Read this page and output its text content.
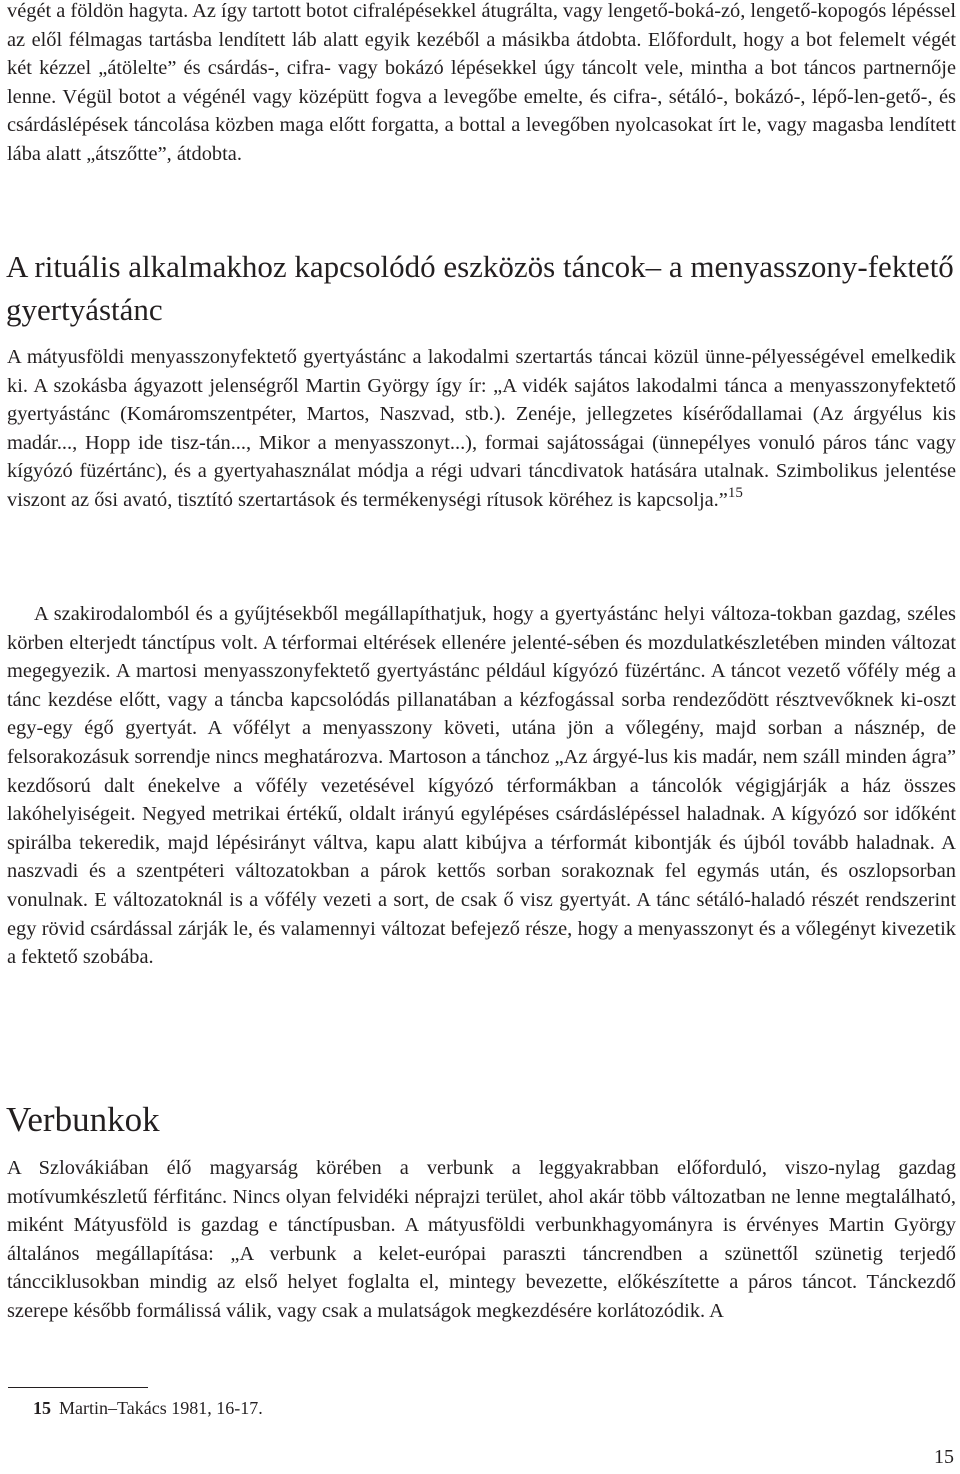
végét a földön hagyta. Az így tartott botot cifralépésekkel átugrálta, vagy lengető-boká-zó, lengető-kopogós lépéssel az elől félmagas tartásba lendített láb alatt egyik kezéből a másikba átdobta. Előfordult, hogy a bot felemelt végét két kézzel „átölelte” és csárdás-, cifra- vagy bokázó lépésekkel úgy táncolt vele, mintha a bot táncos partnernője lenne. Végül botot a végénél vagy középütt fogva a levegőbe emelte, és cifra-, sétáló-, bokázó-, lépő-len-gető-, és csárdáslépések táncolása közben maga előtt forgatta, a bottal a levegőben nyolcasokat írt le, vagy magasba lendített lába alatt „átszőtte”, átdobta.

A rituális alkalmakhoz kapcsolódó eszközös táncok– a menyasszony-fektető gyertyástánc

A mátyusföldi menyasszonyfektető gyertyástánc a lakodalmi szertartás táncai közül ünne-pélyességével emelkedik ki. A szokásba ágyazott jelenségről Martin György így ír: „A vidék sajátos lakodalmi tánca a menyasszonyfektető gyertyástánc (Komáromszentpéter, Martos, Naszvad, stb.). Zenéje, jellegzetes kísérődallamai (Az árgyélus kis madár..., Hopp ide tisz-tán..., Mikor a menyasszonyt...), formai sajátosságai (ünnepélyes vonuló páros tánc vagy kígyózó füzértánc), és a gyertyahasználat módja a régi udvari táncdivatok hatására utalnak. Szimbolikus jelentése viszont az ősi avató, tisztító szertartások és termékenységi rítusok köréhez is kapcsolja.”$^{15}$

A szakirodalomból és a gyűjtésekből megállapíthatjuk, hogy a gyertyástánc helyi változa-tokban gazdag, széles körben elterjedt tánctípus volt. A térformai eltérések ellenére jelenté-sében és mozdulatkészletében minden változat megegyezik. A martosi menyasszonyfektető gyertyástánc például kígyózó füzértánc. A táncot vezető vőfély még a tánc kezdése előtt, vagy a táncba kapcsolódás pillanatában a kézfogással sorba rendeződött résztvevőknek ki-oszt egy-egy égő gyertyát. A vőfélyt a menyasszony követi, utána jön a vőlegény, majd sorban a násznép, de felsorakozásuk sorrendje nincs meghatározva. Martoson a tánchoz „Az árgyé-lus kis madár, nem száll minden ágra” kezdősorú dalt énekelve a vőfély vezetésével kígyózó térformákban a táncolók végigjárják a ház összes lakóhelyiségeit. Negyed metrikai értékű, oldalt irányú egylépéses csárdáslépéssel haladnak. A kígyózó sor időként spirálba tekeredik, majd lépésirányt váltva, kapu alatt kibújva a térformát kibontják és újból tovább haladnak. A naszvadi és a szentpéteri változatokban a párok kettős sorban sorakoznak fel egymás után, és oszlopsorban vonulnak. E változatoknál is a vőfély vezeti a sort, de csak ő visz gyertyát. A tánc sétáló-haladó részét rendszerint egy rövid csárdással zárják le, és valamennyi változat befejező része, hogy a menyasszonyt és a vőlegényt kivezetik a fektető szobába.

Verbunkok

A Szlovákiában élő magyarság körében a verbunk a leggyakrabban előforduló, viszo-nylag gazdag motívumkészletű férfitánc. Nincs olyan felvidéki néprajzi terület, ahol akár több változatban ne lenne megtalálható, miként Mátyusföld is gazdag e tánctípusban. A mátyusföldi verbunkhagyományra is érvényes Martin György általános megállapítása: „A verbunk a kelet-európai paraszti táncrendben a szünettől szünetig terjedő táncciklusokban mindig az első helyet foglalta el, mintegy bevezette, előkészítette a páros táncot. Tánckezdő szerepe később formálissá válik, vagy csak a mulatságok megkezdésére korlátozódik. A

15 Martin–Takács 1981, 16-17.

15
